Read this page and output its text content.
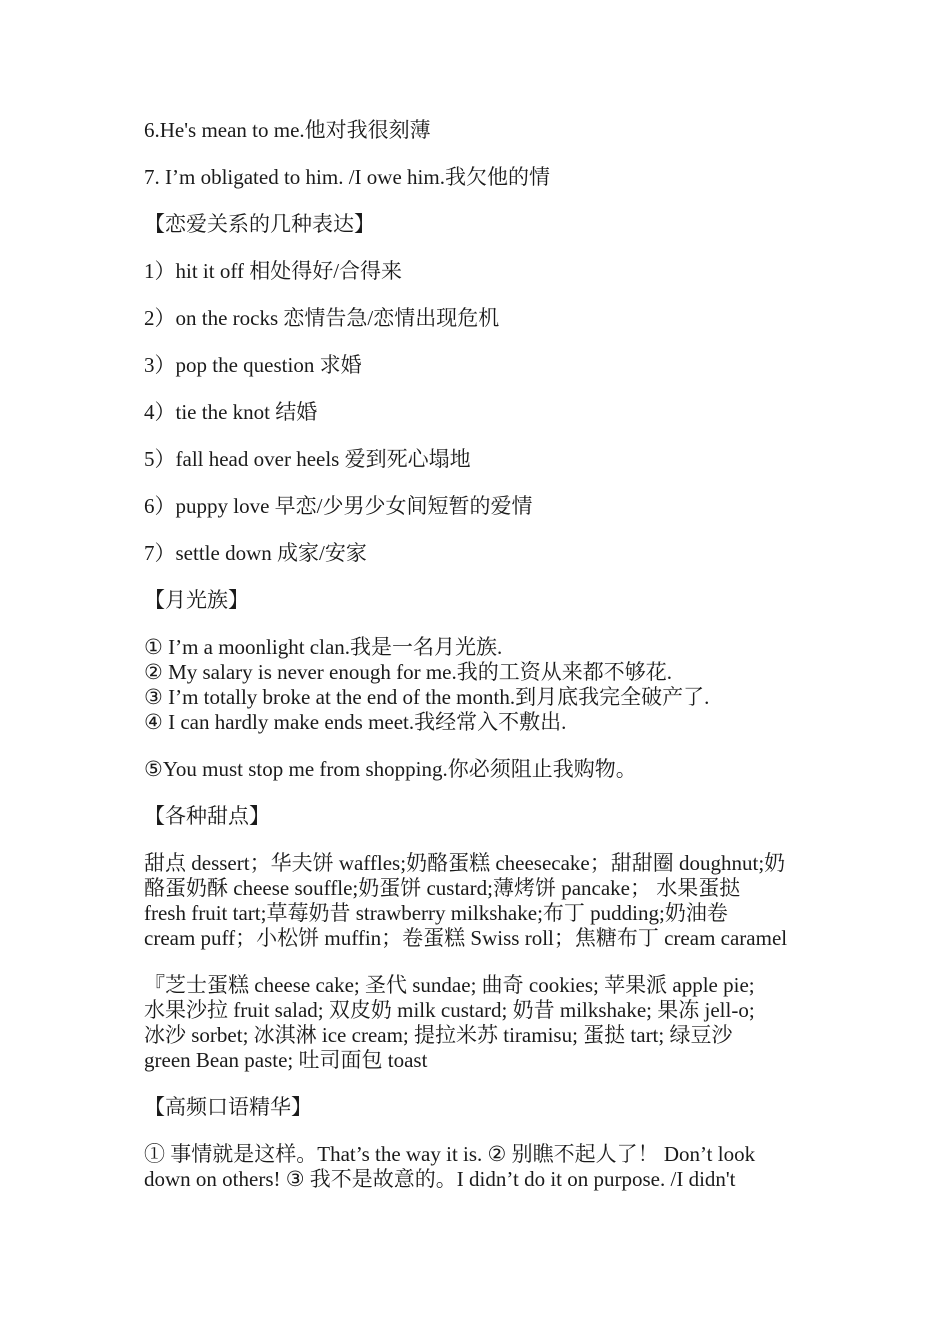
6.He's mean to me.他对我很刻薄

7. I’m obligated to him. /I owe him.我欠他的情

【恋爱关系的几种表达】

1）hit it off 相处得好/合得来

2）on the rocks 恋情告急/恋情出现危机

3）pop the question 求婚

4）tie the knot 结婚

5）fall head over heels 爱到死心塌地

6）puppy love 早恋/少男少女间短暂的爱情

7）settle down 成家/安家

【月光族】

① I’m a moonlight clan.我是一名月光族.
② My salary is never enough for me.我的工资从来都不够花.
③ I’m totally broke at the end of the month.到月底我完全破产了.
④ I can hardly make ends meet.我经常入不敷出.

⑤You must stop me from shopping.你必须阻止我购物。

【各种甜点】

甜点 dessert；华夫饼 waffles;奶酪蛋糕 cheesecake；甜甜圈 doughnut;奶
酪蛋奶酥 cheese souffle;奶蛋饼 custard;薄烤饼 pancake； 水果蛋挞
fresh fruit tart;草莓奶昔 strawberry milkshake;布丁 pudding;奶油卷
cream puff；小松饼 muffin；卷蛋糕 Swiss roll；焦糖布丁 cream caramel
『芝士蛋糕 cheese cake; 圣代 sundae; 曲奇 cookies; 苹果派 apple pie;
水果沙拉 fruit salad; 双皮奶 milk custard; 奶昔 milkshake; 果冻 jell-o;
冰沙 sorbet; 冰淇淋 ice cream; 提拉米苏 tiramisu; 蛋挞 tart; 绿豆沙
green Bean paste; 吐司面包 toast

【高频口语精华】

① 事情就是这样。That’s the way it is. ② 别瞧不起人了！ Don’t look
down on others! ③ 我不是故意的。I didn’t do it on purpose. /I didn't
